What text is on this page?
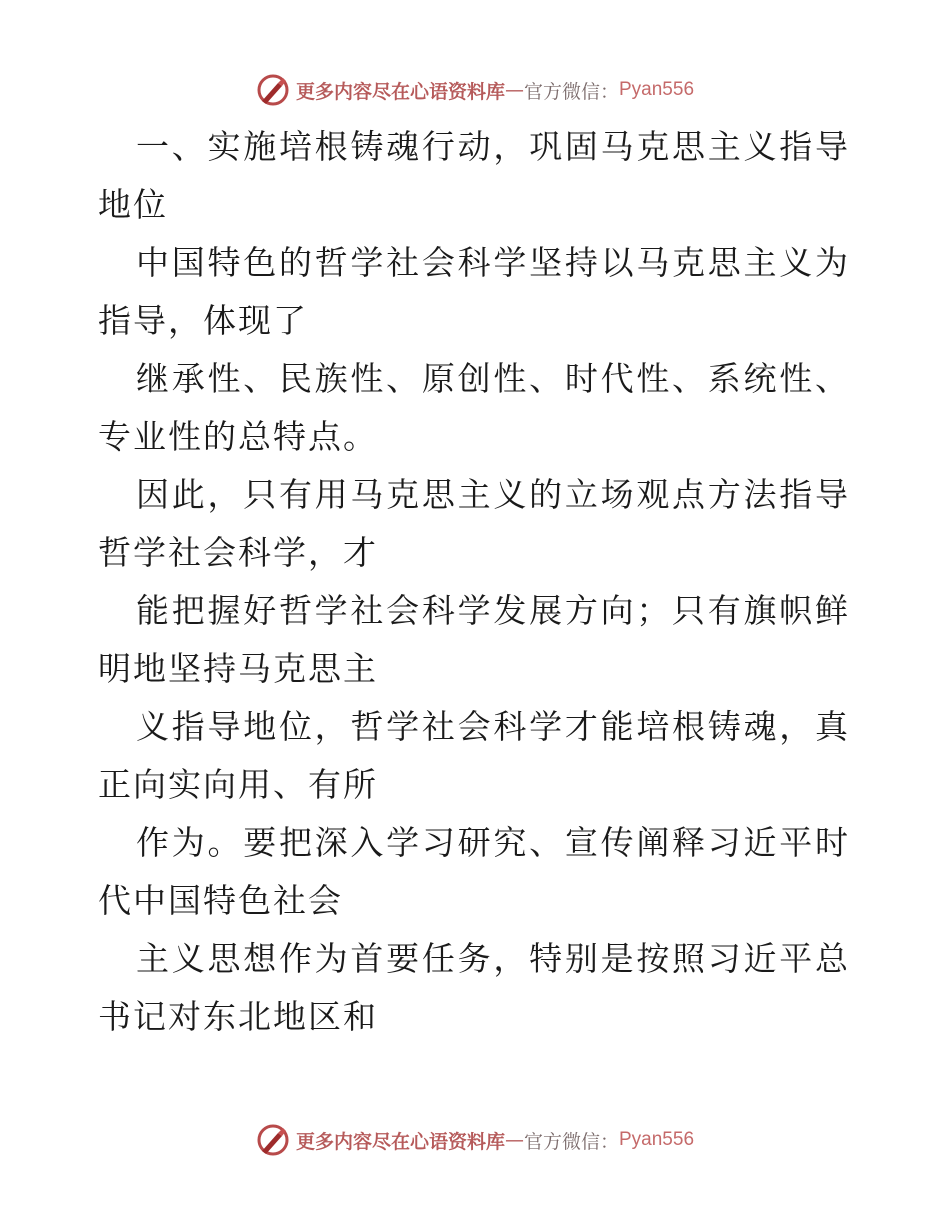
更多内容尽在心语资料库 — 官方微信： Pyan556

一、实施培根铸魂行动，巩固马克思主义指导地位

中国特色的哲学社会科学坚持以马克思主义为指导，体现了

继承性、民族性、原创性、时代性、系统性、专业性的总特点。

因此，只有用马克思主义的立场观点方法指导哲学社会科学，才

能把握好哲学社会科学发展方向；只有旗帜鲜明地坚持马克思主

义指导地位，哲学社会科学才能培根铸魂，真正向实向用、有所

作为。要把深入学习研究、宣传阐释习近平时代中国特色社会

主义思想作为首要任务，特别是按照习近平总书记对东北地区和

更多内容尽在心语资料库 — 官方微信： Pyan556
